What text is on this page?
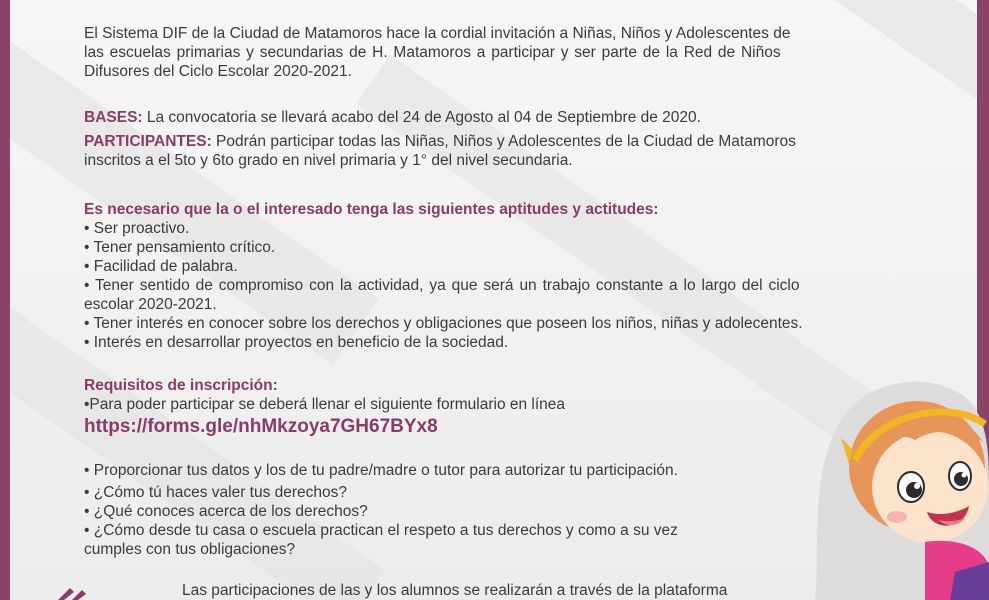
El Sistema DIF de la Ciudad de Matamoros hace la cordial invitación a Niñas, Niños y Adolescentes de
las escuelas primarias y secundarias de H. Matamoros a participar y ser parte de la Red de Niños
Difusores del Ciclo Escolar 2020-2021.
BASES: La convocatoria se llevará acabo del 24 de Agosto al 04 de Septiembre de 2020.
PARTICIPANTES: Podrán participar todas las Niñas, Niños y Adolescentes de la Ciudad de Matamoros
inscritos a el 5to y 6to grado en nivel primaria y 1° del nivel secundaria.
Es necesario que la o el interesado tenga las siguientes aptitudes y actitudes:
• Ser proactivo.
• Tener pensamiento crítico.
• Facilidad de palabra.
• Tener sentido de compromiso con la actividad, ya que será un trabajo constante a lo largo del ciclo
escolar 2020-2021.
• Tener interés en conocer sobre los derechos y obligaciones que poseen los niños, niñas y adolecentes.
• Interés en desarrollar proyectos en beneficio de la sociedad.
Requisitos de inscripción:
•Para poder participar se deberá llenar el siguiente formulario en línea
https://forms.gle/nhMkzoya7GH67BYx8
• Proporcionar tus datos y los de tu padre/madre o tutor para autorizar tu participación.
• ¿Cómo tú haces valer tus derechos?
• ¿Qué conoces acerca de los derechos?
• ¿Cómo desde tu casa o escuela practican el respeto a tus derechos y como a su vez
cumples con tus obligaciones?
Las participaciones de las y los alumnos se realizarán a través de la plataforma
